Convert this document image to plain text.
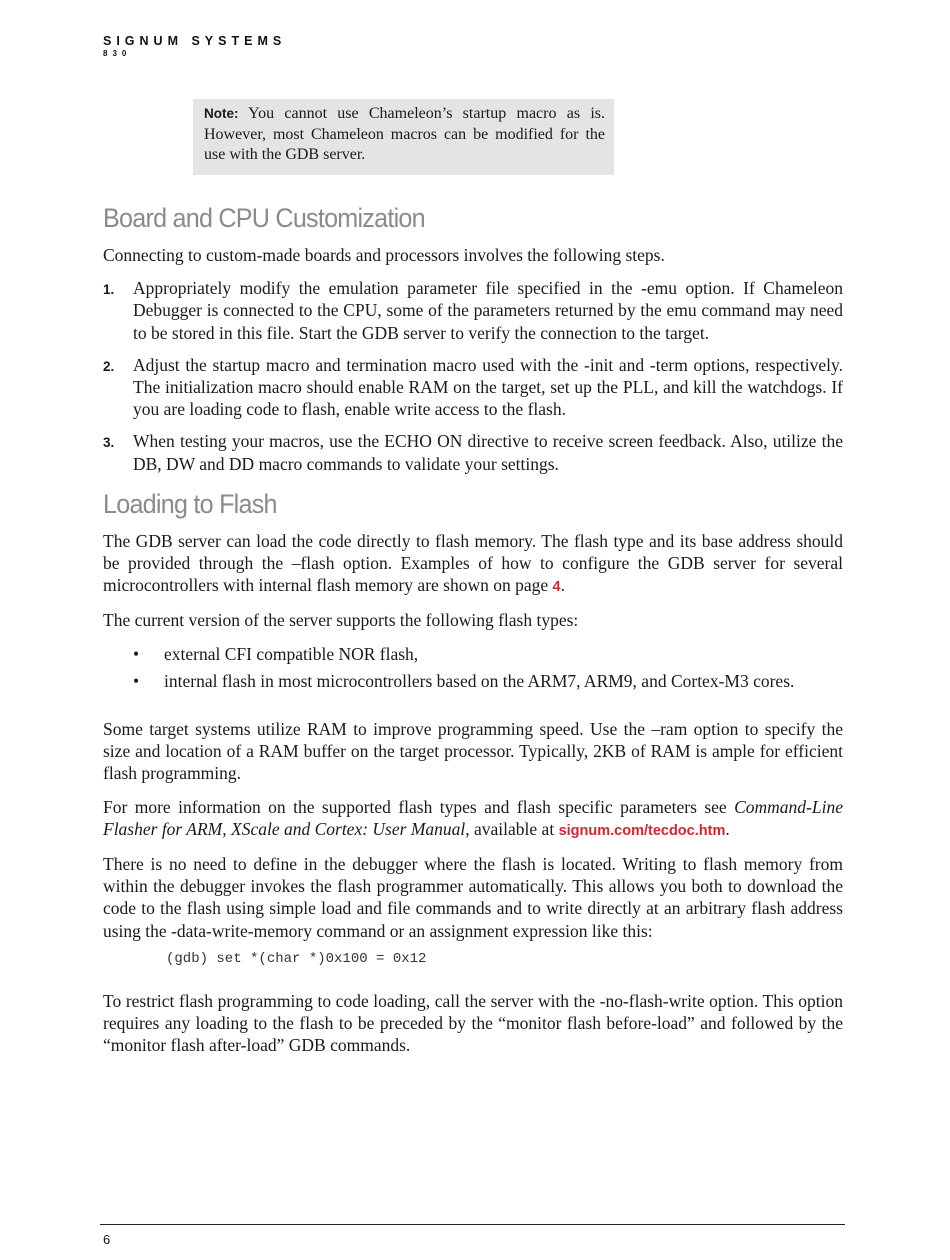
SIGNUM SYSTEMS
830
Note: You cannot use Chameleon’s startup macro as is. However, most Chameleon macros can be modified for the use with the GDB server.
Board and CPU Customization

Connecting to custom-made boards and processors involves the following steps.

1. Appropriately modify the emulation parameter file specified in the -emu option. If Chameleon Debugger is connected to the CPU, some of the parameters returned by the emu command may need to be stored in this file. Start the GDB server to verify the connection to the target.
2. Adjust the startup macro and termination macro used with the -init and -term options, respectively. The initialization macro should enable RAM on the target, set up the PLL, and kill the watchdogs. If you are loading code to flash, enable write access to the flash.
3. When testing your macros, use the ECHO ON directive to receive screen feedback. Also, utilize the DB, DW and DD macro commands to validate your settings.
Loading to Flash

The GDB server can load the code directly to flash memory. The flash type and its base address should be provided through the –flash option. Examples of how to configure the GDB server for several microcontrollers with internal flash memory are shown on page 4.

The current version of the server supports the following flash types:

• external CFI compatible NOR flash,
• internal flash in most microcontrollers based on the ARM7, ARM9, and Cortex-M3 cores.

Some target systems utilize RAM to improve programming speed. Use the –ram option to specify the size and location of a RAM buffer on the target processor. Typically, 2KB of RAM is ample for efficient flash programming.

For more information on the supported flash types and flash specific parameters see Command-Line Flasher for ARM, XScale and Cortex: User Manual, available at signum.com/tecdoc.htm.

There is no need to define in the debugger where the flash is located. Writing to flash memory from within the debugger invokes the flash programmer automatically. This allows you both to download the code to the flash using simple load and file commands and to write directly at an arbitrary flash address using the -data-write-memory command or an assignment expression like this:

(gdb) set *(char *)0x100 = 0x12

To restrict flash programming to code loading, call the server with the -no-flash-write option. This option requires any loading to the flash to be preceded by the “monitor flash before-load” and followed by the “monitor flash after-load” GDB commands.

6
